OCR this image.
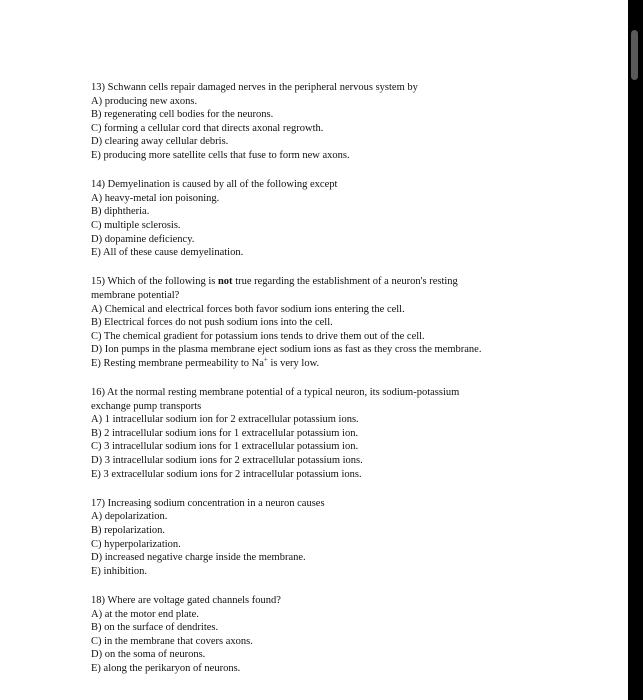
13) Schwann cells repair damaged nerves in the peripheral nervous system by
A) producing new axons.
B) regenerating cell bodies for the neurons.
C) forming a cellular cord that directs axonal regrowth.
D) clearing away cellular debris.
E) producing more satellite cells that fuse to form new axons.
14) Demyelination is caused by all of the following except
A) heavy-metal ion poisoning.
B) diphtheria.
C) multiple sclerosis.
D) dopamine deficiency.
E) All of these cause demyelination.
15) Which of the following is not true regarding the establishment of a neuron's resting
membrane potential?
A) Chemical and electrical forces both favor sodium ions entering the cell.
B) Electrical forces do not push sodium ions into the cell.
C) The chemical gradient for potassium ions tends to drive them out of the cell.
D) Ion pumps in the plasma membrane eject sodium ions as fast as they cross the membrane.
E) Resting membrane permeability to Na+ is very low.
16) At the normal resting membrane potential of a typical neuron, its sodium-potassium
exchange pump transports
A) 1 intracellular sodium ion for 2 extracellular potassium ions.
B) 2 intracellular sodium ions for 1 extracellular potassium ion.
C) 3 intracellular sodium ions for 1 extracellular potassium ion.
D) 3 intracellular sodium ions for 2 extracellular potassium ions.
E) 3 extracellular sodium ions for 2 intracellular potassium ions.
17) Increasing sodium concentration in a neuron causes
A) depolarization.
B) repolarization.
C) hyperpolarization.
D) increased negative charge inside the membrane.
E) inhibition.
18) Where are voltage gated channels found?
A) at the motor end plate.
B) on the surface of dendrites.
C) in the membrane that covers axons.
D) on the soma of neurons.
E) along the perikaryon of neurons.
